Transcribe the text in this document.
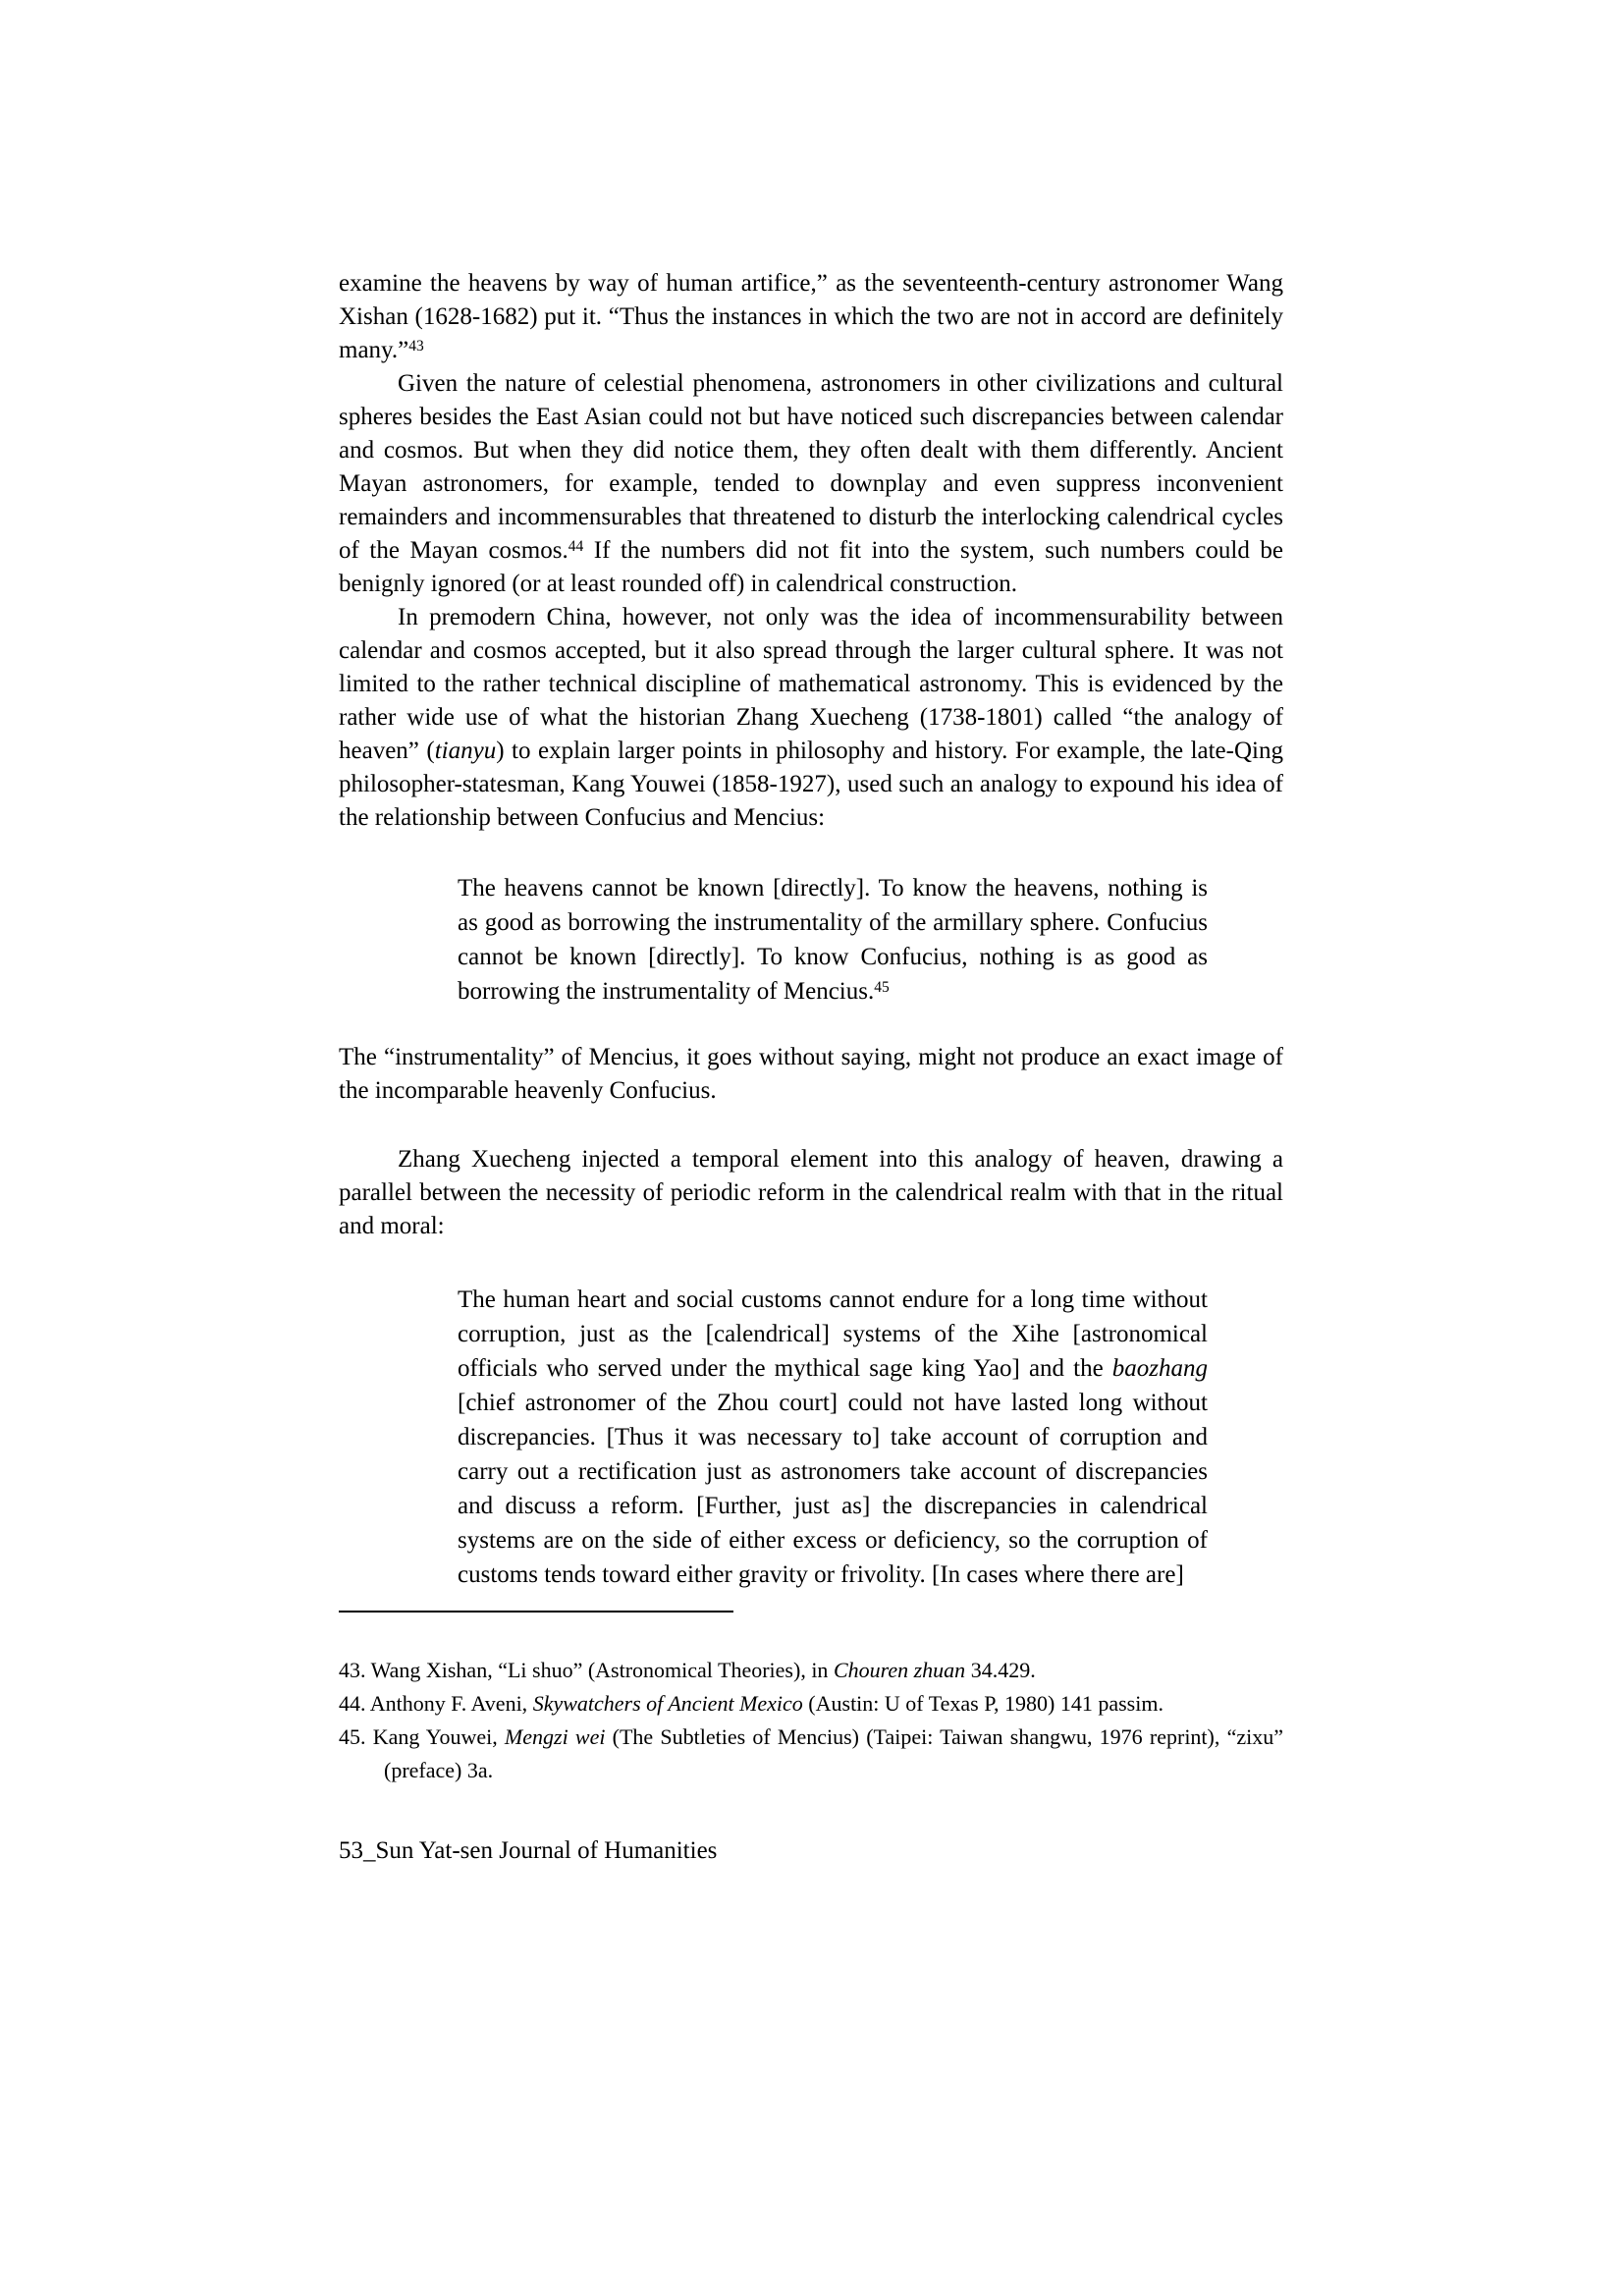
examine the heavens by way of human artifice,” as the seventeenth-century astronomer Wang Xishan (1628-1682) put it. “Thus the instances in which the two are not in accord are definitely many.”$^{43}$

Given the nature of celestial phenomena, astronomers in other civilizations and cultural spheres besides the East Asian could not but have noticed such discrepancies between calendar and cosmos. But when they did notice them, they often dealt with them differently. Ancient Mayan astronomers, for example, tended to downplay and even suppress inconvenient remainders and incommensurables that threatened to disturb the interlocking calendrical cycles of the Mayan cosmos.$^{44}$ If the numbers did not fit into the system, such numbers could be benignly ignored (or at least rounded off) in calendrical construction.

In premodern China, however, not only was the idea of incommensurability between calendar and cosmos accepted, but it also spread through the larger cultural sphere. It was not limited to the rather technical discipline of mathematical astronomy. This is evidenced by the rather wide use of what the historian Zhang Xuecheng (1738-1801) called “the analogy of heaven” (tianyu) to explain larger points in philosophy and history. For example, the late-Qing philosopher-statesman, Kang Youwei (1858-1927), used such an analogy to expound his idea of the relationship between Confucius and Mencius:

The heavens cannot be known [directly]. To know the heavens, nothing is as good as borrowing the instrumentality of the armillary sphere. Confucius cannot be known [directly]. To know Confucius, nothing is as good as borrowing the instrumentality of Mencius.$^{45}$

The “instrumentality” of Mencius, it goes without saying, might not produce an exact image of the incomparable heavenly Confucius.

Zhang Xuecheng injected a temporal element into this analogy of heaven, drawing a parallel between the necessity of periodic reform in the calendrical realm with that in the ritual and moral:

The human heart and social customs cannot endure for a long time without corruption, just as the [calendrical] systems of the Xihe [astronomical officials who served under the mythical sage king Yao] and the baozhang [chief astronomer of the Zhou court] could not have lasted long without discrepancies. [Thus it was necessary to] take account of corruption and carry out a rectification just as astronomers take account of discrepancies and discuss a reform. [Further, just as] the discrepancies in calendrical systems are on the side of either excess or deficiency, so the corruption of customs tends toward either gravity or frivolity. [In cases where there are]

43. Wang Xishan, “Li shuo” (Astronomical Theories), in Chouren zhuan 34.429.

44. Anthony F. Aveni, Skywatchers of Ancient Mexico (Austin: U of Texas P, 1980) 141 passim.

45. Kang Youwei, Mengzi wei (The Subtleties of Mencius) (Taipei: Taiwan shangwu, 1976 reprint), “zixu” (preface) 3a.

53_Sun Yat-sen Journal of Humanities
